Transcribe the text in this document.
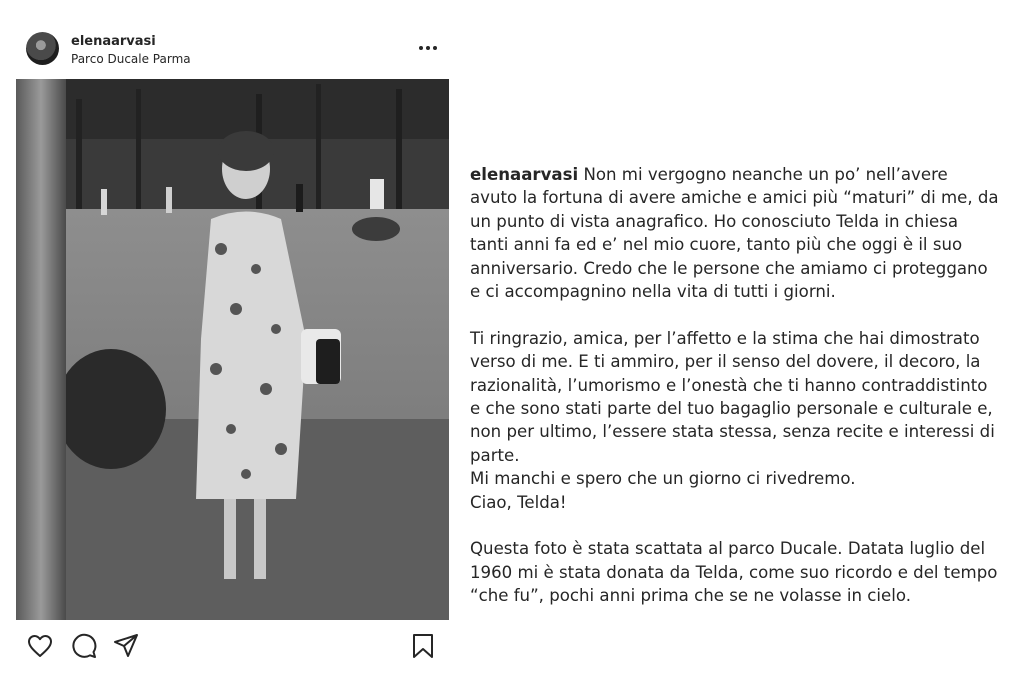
elenaarvasi
Parco Ducale Parma

elenaarvasi Non mi vergogno neanche un po’ nell’avere avuto la fortuna di avere amiche e amici più “maturi” di me, da un punto di vista anagrafico. Ho conosciuto Telda in chiesa tanti anni fa ed e’ nel mio cuore, tanto più che oggi è il suo anniversario. Credo che le persone che amiamo ci proteggano e ci accompagnino nella vita di tutti i giorni.

Ti ringrazio, amica, per l’affetto e la stima che hai dimostrato verso di me. E ti ammiro, per il senso del dovere, il decoro, la razionalità, l’umorismo e l’onestà che ti hanno contraddistinto e che sono stati parte del tuo bagaglio personale e culturale e, non per ultimo, l’essere stata stessa, senza recite e interessi di parte.

Mi manchi e spero che un giorno ci rivedremo.

Ciao, Telda!

Questa foto è stata scattata al parco Ducale. Datata luglio del 1960 mi è stata donata da Telda, come suo ricordo e del tempo “che fu”, pochi anni prima che se ne volasse in cielo.
